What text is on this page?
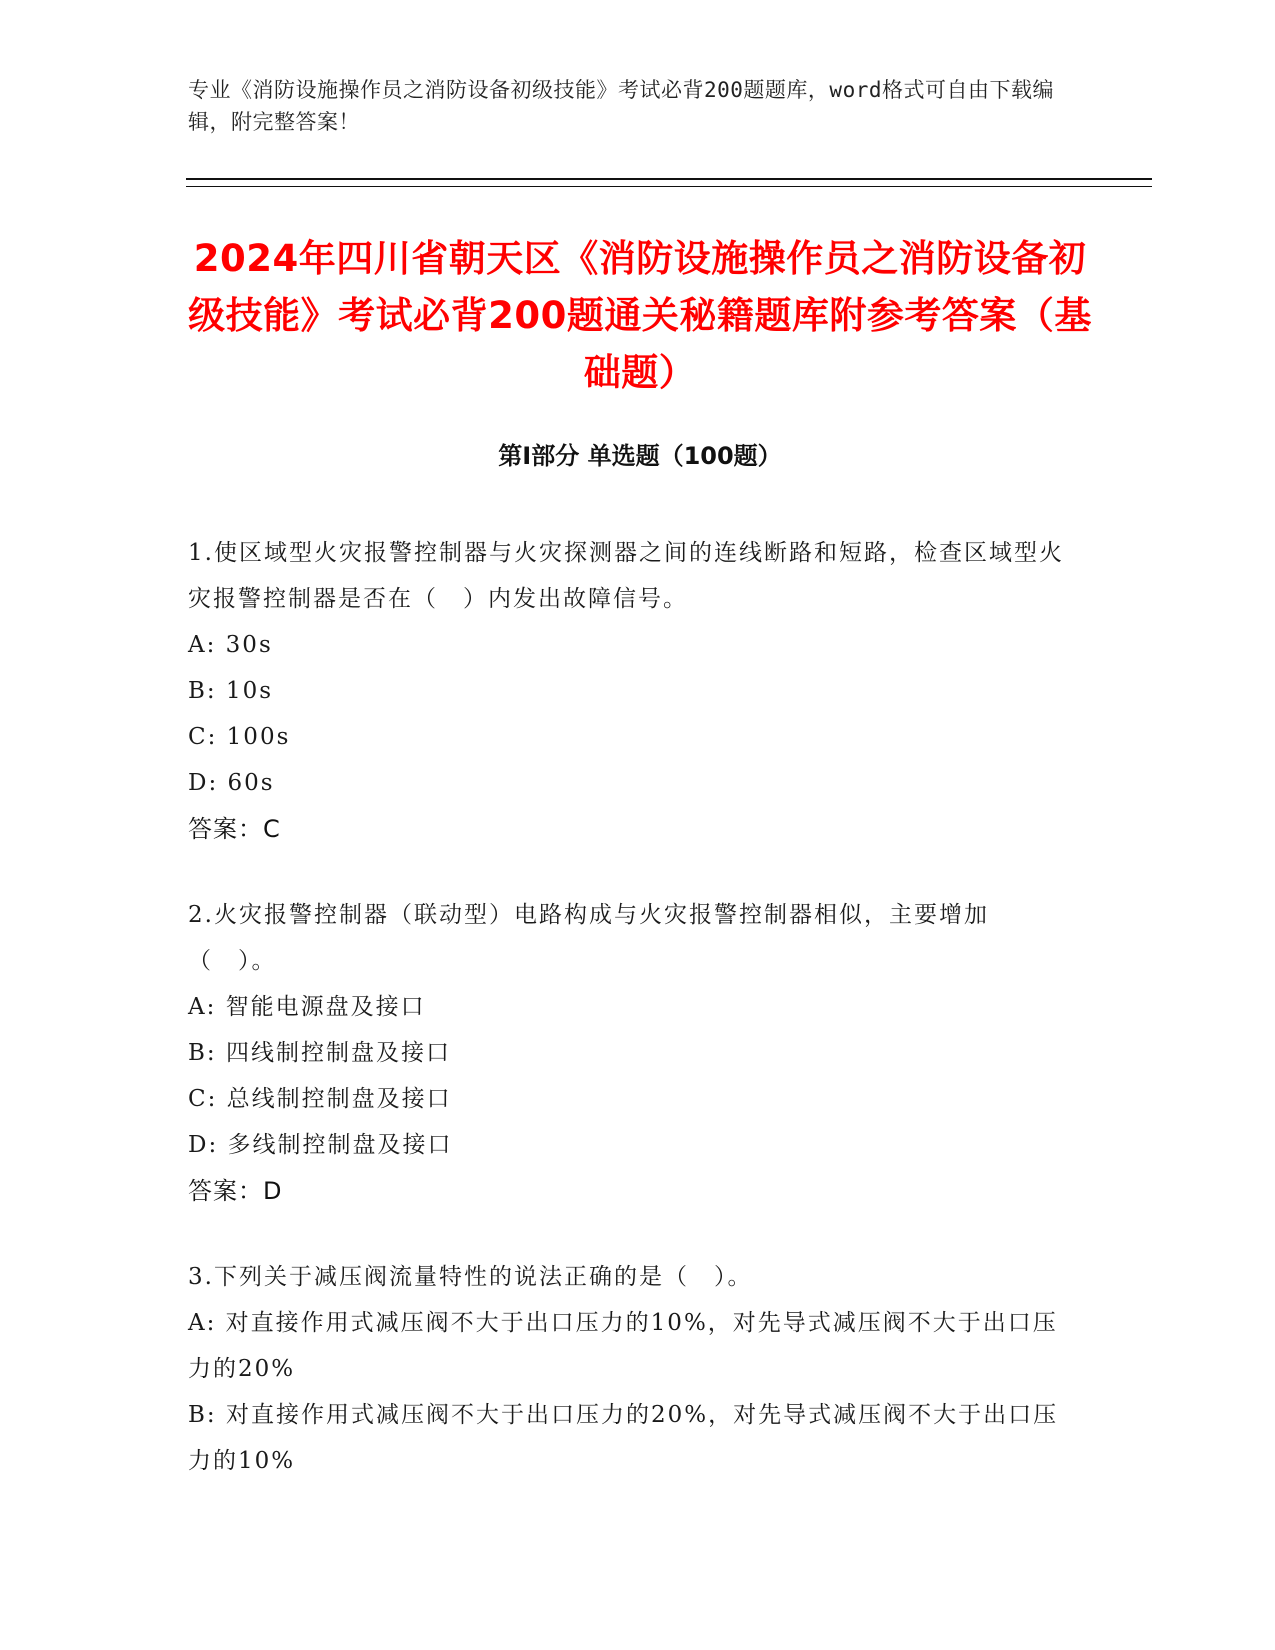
专业《消防设施操作员之消防设备初级技能》考试必背200题题库，word格式可自由下载编辑，附完整答案！
2024年四川省朝天区《消防设施操作员之消防设备初级技能》考试必背200题通关秘籍题库附参考答案（基础题）
第I部分 单选题（100题）
1.使区域型火灾报警控制器与火灾探测器之间的连线断路和短路，检查区域型火灾报警控制器是否在（　）内发出故障信号。
A: 30s
B: 10s
C: 100s
D: 60s
答案：C
2.火灾报警控制器（联动型）电路构成与火灾报警控制器相似，主要增加（　）。
A: 智能电源盘及接口
B: 四线制控制盘及接口
C: 总线制控制盘及接口
D: 多线制控制盘及接口
答案：D
3.下列关于减压阀流量特性的说法正确的是（　）。
A: 对直接作用式减压阀不大于出口压力的10%，对先导式减压阀不大于出口压力的20%
B: 对直接作用式减压阀不大于出口压力的20%，对先导式减压阀不大于出口压力的10%
